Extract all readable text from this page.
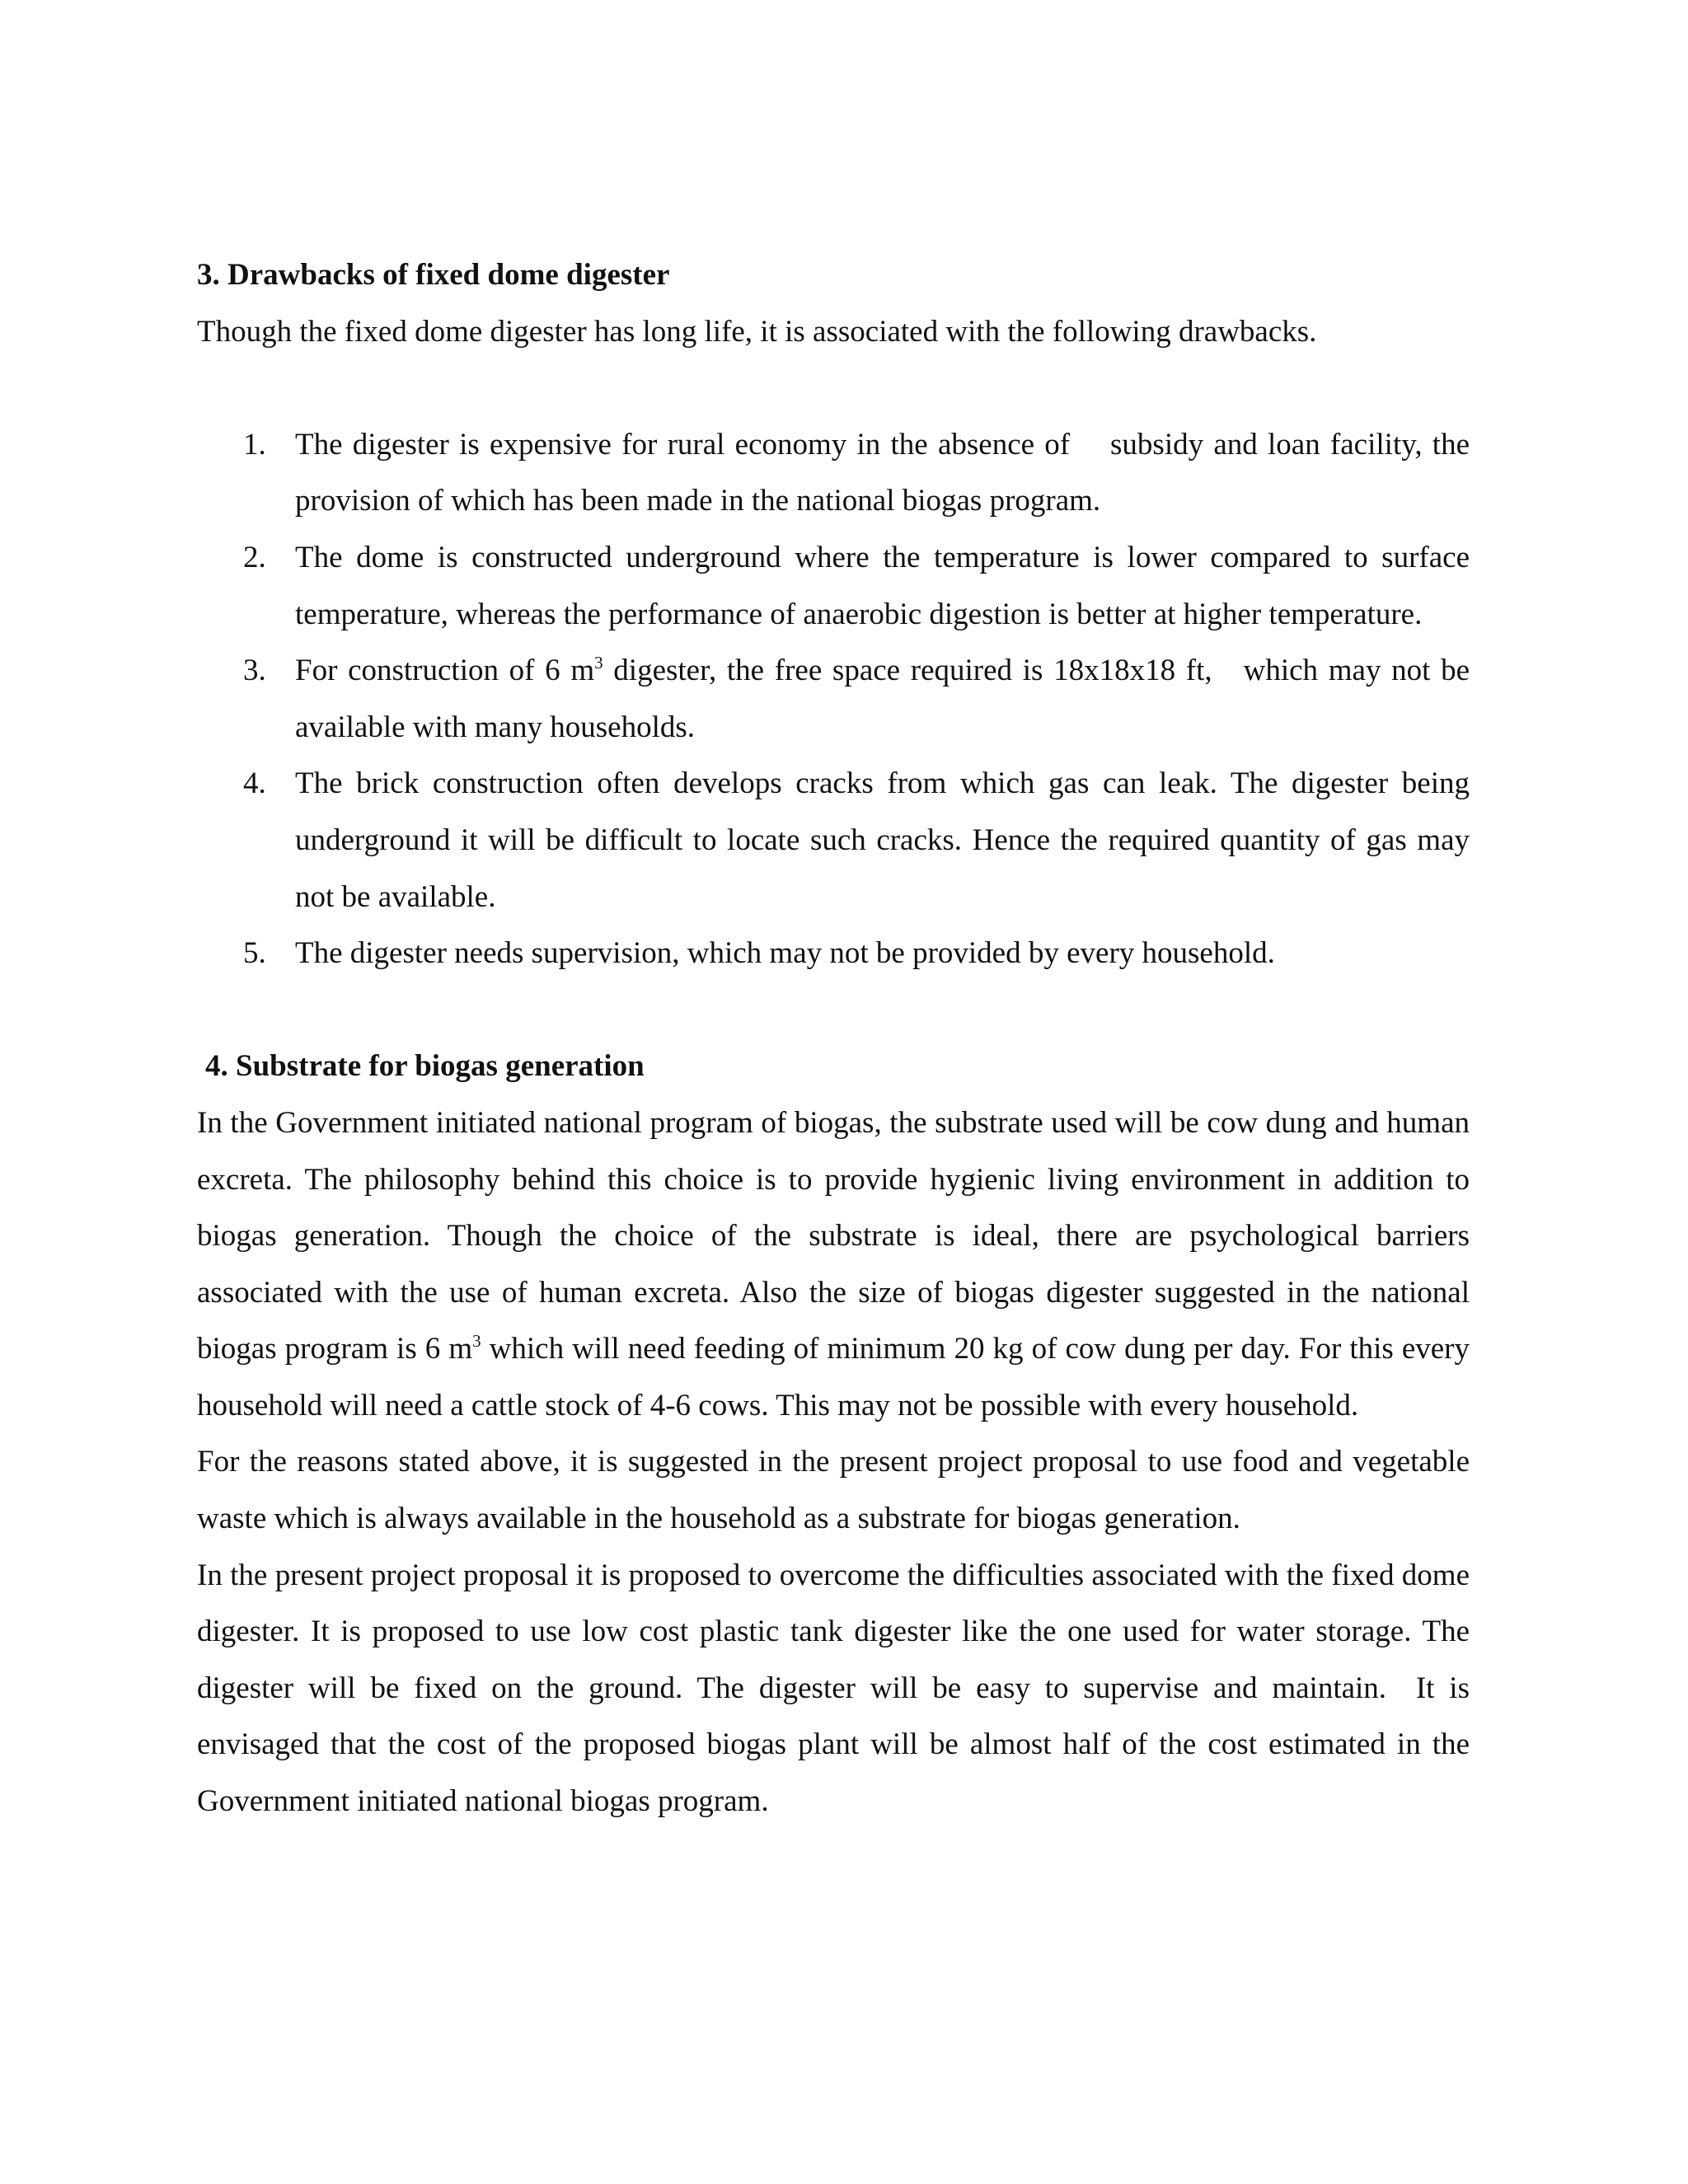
3. Drawbacks of fixed dome digester

Though the fixed dome digester has long life, it is associated with the following drawbacks.

1. The digester is expensive for rural economy in the absence of    subsidy and loan facility, the provision of which has been made in the national biogas program.
2. The dome is constructed underground where the temperature is lower compared to surface temperature, whereas the performance of anaerobic digestion is better at higher temperature.
3. For construction of 6 $m^3$ digester, the free space required is 18x18x18 ft,   which may not be available with many households.
4. The brick construction often develops cracks from which gas can leak. The digester being underground it will be difficult to locate such cracks. Hence the required quantity of gas may not be available.
5. The digester needs supervision, which may not be provided by every household.
4. Substrate for biogas generation

In the Government initiated national program of biogas, the substrate used will be cow dung and human excreta. The philosophy behind this choice is to provide hygienic living environment in addition to biogas generation. Though the choice of the substrate is ideal, there are psychological barriers associated with the use of human excreta. Also the size of biogas digester suggested in the national biogas program is 6 $m^3$ which will need feeding of minimum 20 kg of cow dung per day. For this every household will need a cattle stock of 4-6 cows. This may not be possible with every household.

For the reasons stated above, it is suggested in the present project proposal to use food and vegetable waste which is always available in the household as a substrate for biogas generation.

In the present project proposal it is proposed to overcome the difficulties associated with the fixed dome digester. It is proposed to use low cost plastic tank digester like the one used for water storage. The digester will be fixed on the ground. The digester will be easy to supervise and maintain.  It is envisaged that the cost of the proposed biogas plant will be almost half of the cost estimated in the Government initiated national biogas program.
